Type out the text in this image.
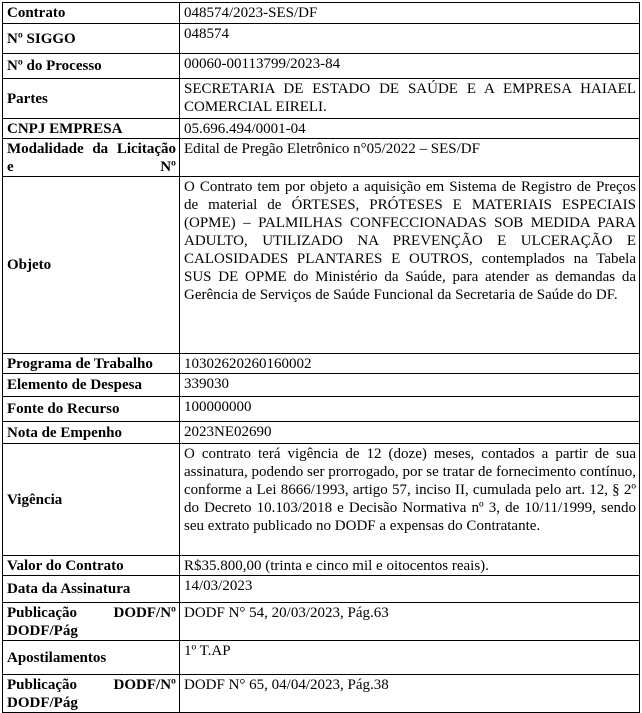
Contrato	048574/2023-SES/DF
Nº SIGGO	048574
Nº do Processo	00060-00113799/2023-84
Partes	SECRETARIA DE ESTADO DE SAÚDE E A EMPRESA HAIAEL COMERCIAL EIRELI.
CNPJ EMPRESA	05.696.494/0001-04
Modalidade da Licitação e Nº	Edital de Pregão Eletrônico n°05/2022 – SES/DF
Objeto	O Contrato tem por objeto a aquisição em Sistema de Registro de Preços de material de ÓRTESES, PRÓTESES E MATERIAIS ESPECIAIS (OPME) – PALMILHAS CONFECCIONADAS SOB MEDIDA PARA ADULTO, UTILIZADO NA PREVENÇÃO E ULCERAÇÃO E CALOSIDADES PLANTARES E OUTROS, contemplados na Tabela SUS DE OPME do Ministério da Saúde, para atender as demandas da Gerência de Serviços de Saúde Funcional da Secretaria de Saúde do DF.
Programa de Trabalho	10302620260160002
Elemento de Despesa	339030
Fonte do Recurso	100000000
Nota de Empenho	2023NE02690
Vigência	O contrato terá vigência de 12 (doze) meses, contados a partir de sua assinatura, podendo ser prorrogado, por se tratar de fornecimento contínuo, conforme a Lei 8666/1993, artigo 57, inciso II, cumulada pelo art. 12, § 2º do Decreto 10.103/2018 e Decisão Normativa nº 3, de 10/11/1999, sendo seu extrato publicado no DODF a expensas do Contratante.
Valor do Contrato	R$35.800,00 (trinta e cinco mil e oitocentos reais).
Data da Assinatura	14/03/2023
Publicação DODF/Nº DODF/Pág	DODF N° 54, 20/03/2023, Pág.63
Apostilamentos	1º T.AP
Publicação DODF/Nº DODF/Pág	DODF N° 65, 04/04/2023, Pág.38
